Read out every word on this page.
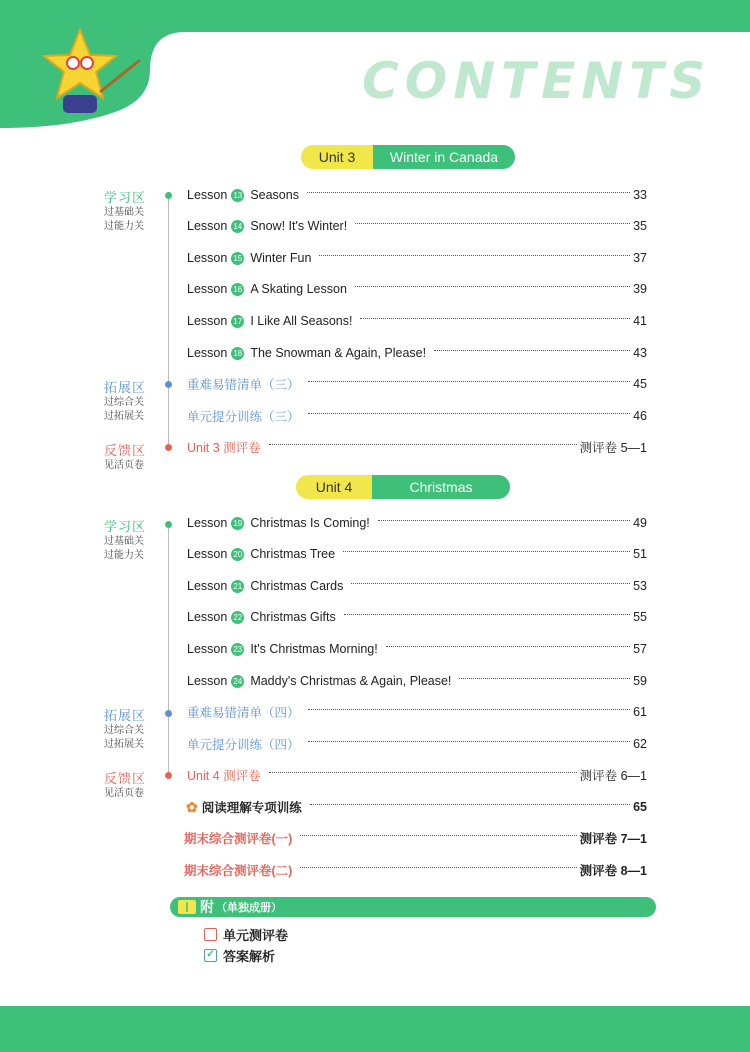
CONTENTS
Unit 3	Winter in Canada
学习区
过基础关
过能力关
拓展区
过综合关
过拓展关
反馈区
见活页卷
Lesson 13 Seasons	33
Lesson 14 Snow! It's Winter!	35
Lesson 15 Winter Fun	37
Lesson 16 A Skating Lesson	39
Lesson 17 I Like All Seasons!	41
Lesson 18 The Snowman & Again, Please!	43
重难易错清单（三）	45
单元提分训练（三）	46
Unit 3 测评卷	测评卷 5—1
Unit 4	Christmas
学习区
过基础关
过能力关
拓展区
过综合关
过拓展关
反馈区
见活页卷
Lesson 19 Christmas Is Coming!	49
Lesson 20 Christmas Tree	51
Lesson 21 Christmas Cards	53
Lesson 22 Christmas Gifts	55
Lesson 23 It's Christmas Morning!	57
Lesson 24 Maddy's Christmas & Again, Please!	59
重难易错清单（四）	61
单元提分训练（四）	62
Unit 4 测评卷	测评卷 6—1
✿ 阅读理解专项训练	65
期末综合测评卷(一)	测评卷 7—1
期末综合测评卷(二)	测评卷 8—1
附 （单独成册）
单元测评卷
✓ 答案解析
